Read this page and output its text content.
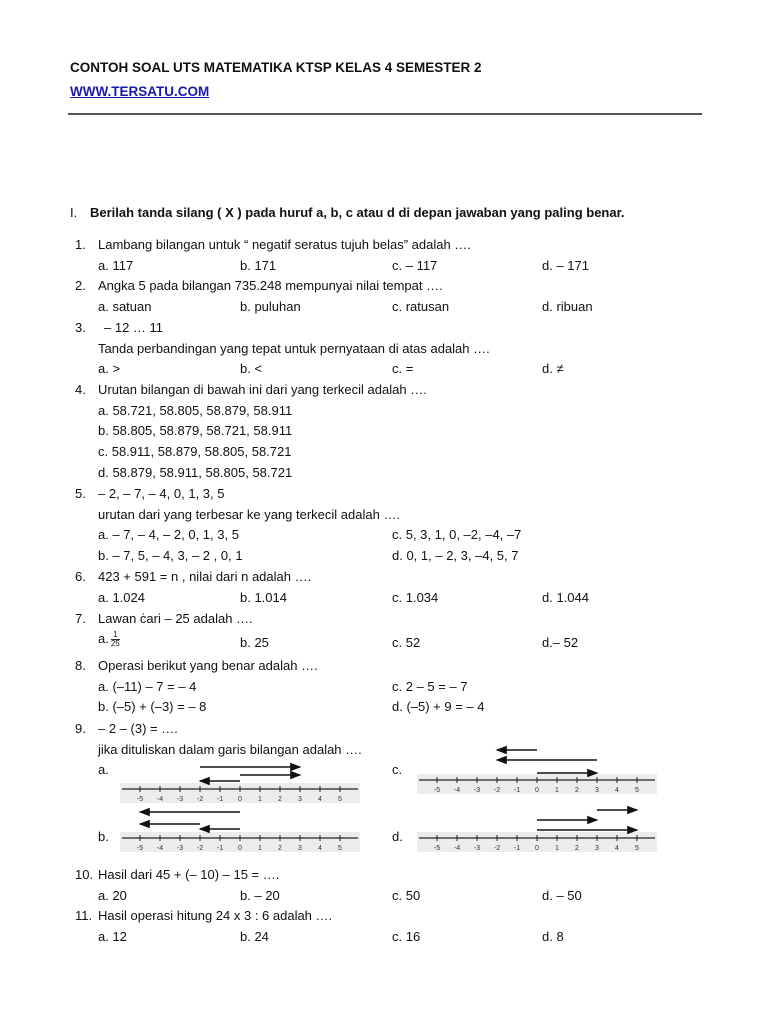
CONTOH SOAL UTS MATEMATIKA KTSP KELAS 4 SEMESTER 2
WWW.TERSATU.COM
I. Berilah tanda silang ( X ) pada huruf a, b, c atau d di depan jawaban yang paling benar.
1. Lambang bilangan untuk “ negatif seratus tujuh belas” adalah ….
a. 117	b. 171	c. – 117	d. – 171
2. Angka 5 pada bilangan 735.248 mempunyai nilai tempat ….
a. satuan	b. puluhan	c. ratusan	d. ribuan
3. – 12 … 11
Tanda perbandingan yang tepat untuk pernyataan di atas adalah ….
a. >	b. <	c. =	d. ≠
4. Urutan bilangan di bawah ini dari yang terkecil adalah ….
a. 58.721, 58.805, 58.879, 58.911
b. 58.805, 58.879, 58.721, 58.911
c. 58.911, 58.879, 58.805, 58.721
d. 58.879, 58.911, 58.805, 58.721
5. – 2, – 7, – 4, 0, 1, 3, 5
urutan dari yang terbesar ke yang terkecil adalah ….
a. – 7, – 4, – 2, 0, 1, 3, 5	c. 5, 3, 1, 0, –2, –4, –7
b. – 7, 5, – 4, 3, – 2 , 0, 1	d. 0, 1, – 2, 3, –4, 5, 7
6. 423 + 591 = n , nilai dari n adalah ….
a. 1.024	b. 1.014	c. 1.034	d. 1.044
7. Lawan ċari – 25 adalah ….
a. $\frac{1}{25}$	b. 25	c. 52	d.– 52
8. Operasi berikut yang benar adalah ….
a. (–11) – 7 = – 4	c. 2 – 5 = – 7
b. (–5) + (–3) = – 8	d. (–5) + 9 = – 4
9. – 2 – (3) = ….
jika dituliskan dalam garis bilangan adalah ….
a.	c.
b.	d.
10. Hasil dari 45 + (– 10) – 15 = ….
a. 20	b. – 20	c. 50	d. – 50
11. Hasil operasi hitung 24 x 3 : 6 adalah ….
a. 12	b. 24	c. 16	d. 8
-5 -4 -3 -2 -1 0 1 2 3 4 5
-5 -4 -3 -2 -1 0 1 2 3 4 5
-5 -4 -3 -2 -1 0 1 2 3 4 5	-5 -4 -3 -2 -1 0 1 2 3 4 5
